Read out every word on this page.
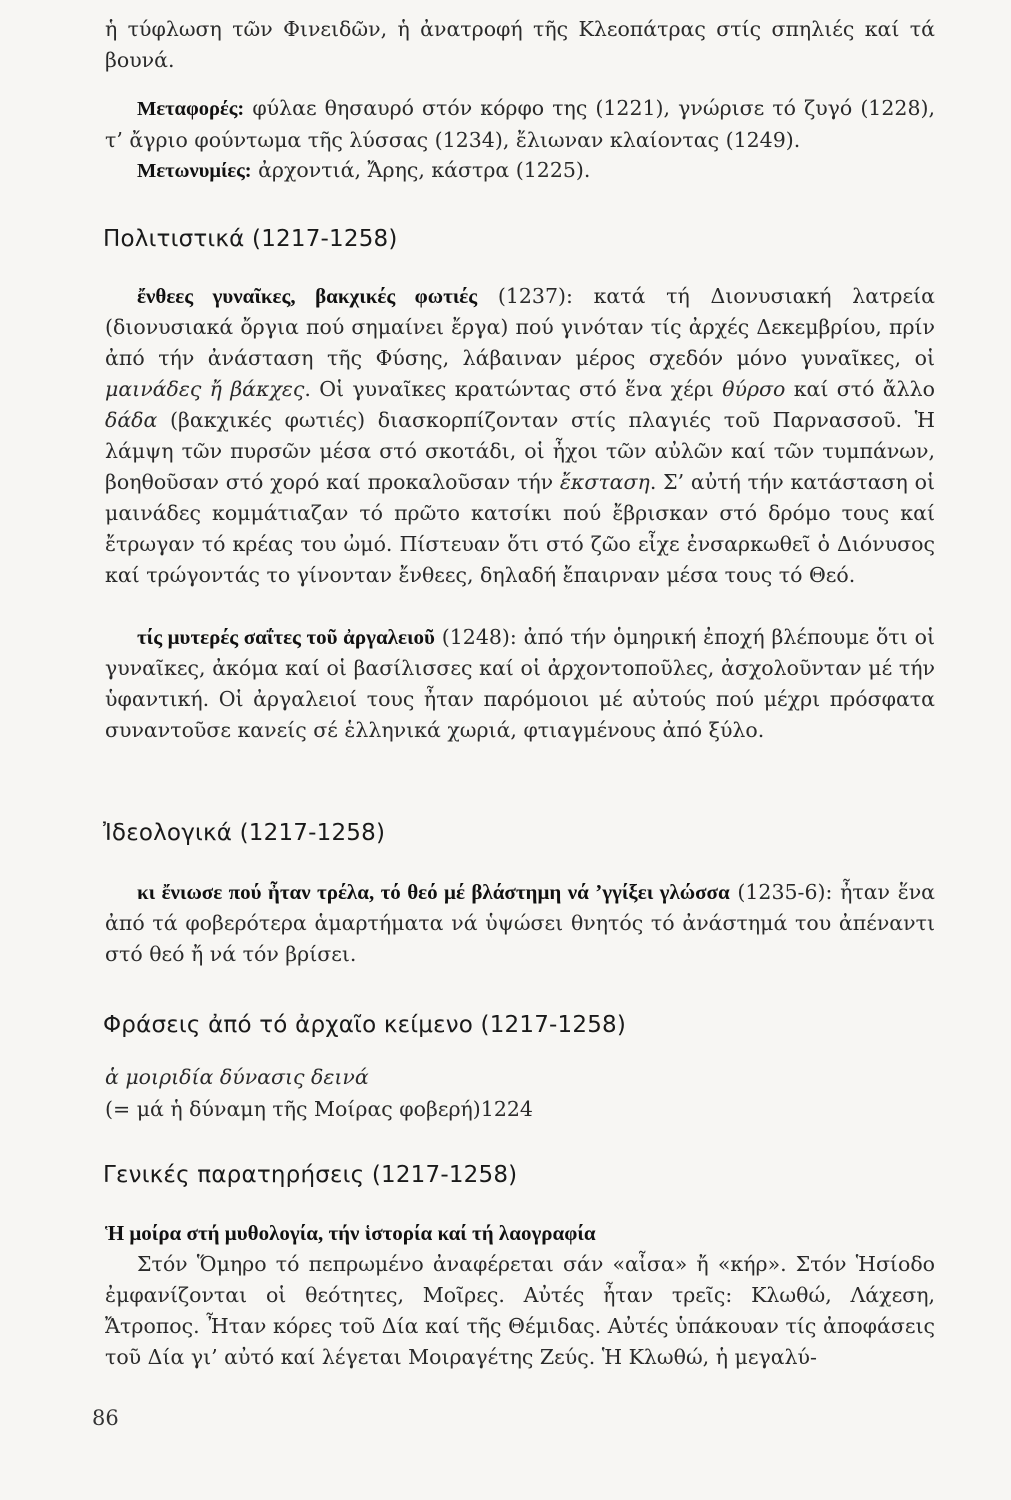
ἡ τύφλωση τῶν Φινειδῶν, ἡ ἀνατροφή τῆς Κλεοπάτρας στίς σπηλιές καί τά βουνά.
Μεταφορές: φύλαε θησαυρό στόν κόρφο της (1221), γνώρισε τό ζυγό (1228), τ’ ἄγριο φούντωμα τῆς λύσσας (1234), ἔλιωναν κλαίοντας (1249).
Μετωνυμίες: ἀρχοντιά, Ἄρης, κάστρα (1225).
Πολιτιστικά (1217-1258)
ἔνθεες γυναῖκες, βακχικές φωτιές (1237): κατά τή Διονυσιακή λατρεία (διονυσιακά ὄργια πού σημαίνει ἔργα) πού γινόταν τίς ἀρχές Δεκεμβρίου, πρίν ἀπό τήν ἀνάσταση τῆς Φύσης, λάβαιναν μέρος σχεδόν μόνο γυναῖκες, οἱ μαινάδες ἤ βάκχες. Οἱ γυναῖκες κρατώντας στό ἕνα χέρι θύρσο καί στό ἄλλο δάδα (βακχικές φωτιές) διασκορπίζονταν στίς πλαγιές τοῦ Παρνασσοῦ. Ἡ λάμψη τῶν πυρσῶν μέσα στό σκοτάδι, οἱ ἦχοι τῶν αὐλῶν καί τῶν τυμπάνων, βοηθοῦσαν στό χορό καί προκαλοῦσαν τήν ἔκσταση. Σ’ αὐτή τήν κατάσταση οἱ μαινάδες κομμάτιαζαν τό πρῶτο κατσίκι πού ἔβρισκαν στό δρόμο τους καί ἔτρωγαν τό κρέας του ὠμό. Πίστευαν ὅτι στό ζῶο εἶχε ἐνσαρκωθεῖ ὁ Διόνυσος καί τρώγοντάς το γίνονταν ἔνθεες, δηλαδή ἔπαιρναν μέσα τους τό Θεό.
τίς μυτερές σαΐτες τοῦ ἀργαλειοῦ (1248): ἀπό τήν ὁμηρική ἐποχή βλέπουμε ὅτι οἱ γυναῖκες, ἀκόμα καί οἱ βασίλισσες καί οἱ ἀρχοντοποῦλες, ἀσχολοῦνταν μέ τήν ὑφαντική. Οἱ ἀργαλειοί τους ἦταν παρόμοιοι μέ αὐτούς πού μέχρι πρόσφατα συναντοῦσε κανείς σέ ἑλληνικά χωριά, φτιαγμένους ἀπό ξύλο.
Ἰδεολογικά (1217-1258)
κι ἔνιωσε πού ἦταν τρέλα, τό θεό μέ βλάστημη νά ’γγίξει γλώσσα (1235-6): ἦταν ἕνα ἀπό τά φοβερότερα ἁμαρτήματα νά ὑψώσει θνητός τό ἀνάστημά του ἀπέναντι στό θεό ἤ νά τόν βρίσει.
Φράσεις ἀπό τό ἀρχαῖο κείμενο (1217-1258)
ἁ μοιριδία δύνασις δεινά
(= μά ἡ δύναμη τῆς Μοίρας φοβερή)1224
Γενικές παρατηρήσεις (1217-1258)
Ἡ μοίρα στή μυθολογία, τήν ἱστορία καί τή λαογραφία
Στόν Ὅμηρο τό πεπρωμένο ἀναφέρεται σάν «αἶσα» ἤ «κήρ». Στόν Ἡσίοδο ἐμφανίζονται οἱ θεότητες, Μοῖρες. Αὐτές ἦταν τρεῖς: Κλωθώ, Λάχεση, Ἄτροπος. Ἦταν κόρες τοῦ Δία καί τῆς Θέμιδας. Αὐτές ὑπάκουαν τίς ἀποφάσεις τοῦ Δία γι’ αὐτό καί λέγεται Μοιραγέτης Ζεύς. Ἡ Κλωθώ, ἡ μεγαλύ-
86
